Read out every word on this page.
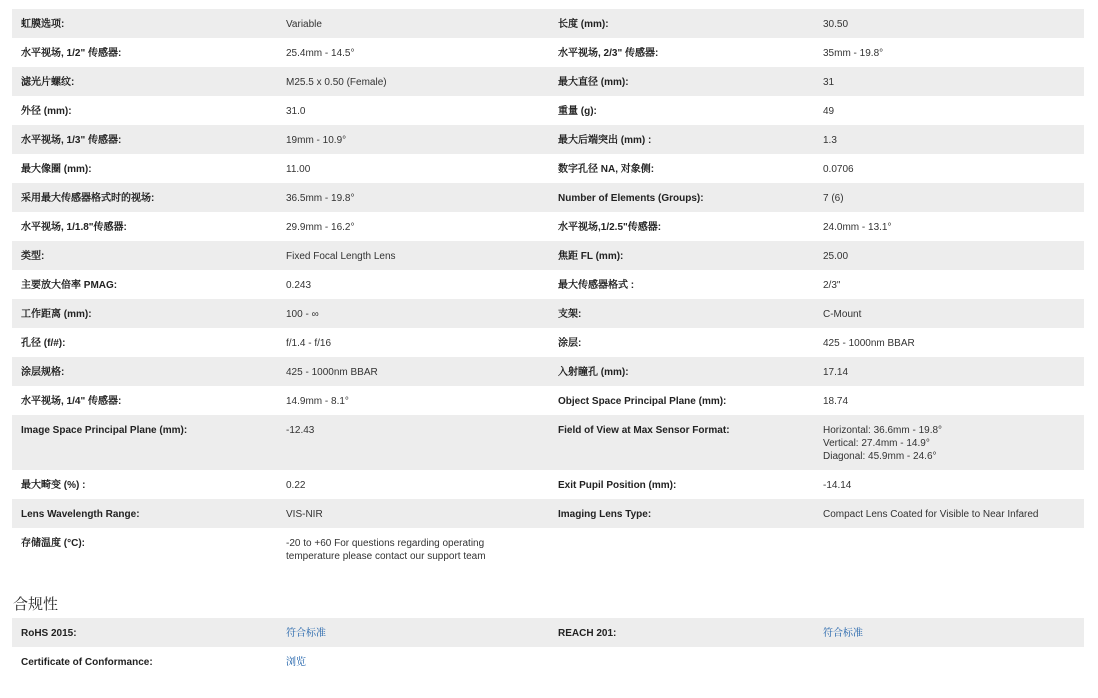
虹膜选项:	Variable	长度 (mm):	30.50
水平视场, 1/2" 传感器:	25.4mm - 14.5°	水平视场, 2/3" 传感器:	35mm - 19.8°
滤光片螺纹:	M25.5 x 0.50 (Female)	最大直径 (mm):	31
外径 (mm):	31.0	重量 (g):	49
水平视场, 1/3" 传感器:	19mm - 10.9°	最大后端突出 (mm) :	1.3
最大像圈 (mm):	11.00	数字孔径 NA, 对象侧:	0.0706
采用最大传感器格式时的视场:	36.5mm - 19.8°	Number of Elements (Groups):	7 (6)
水平视场, 1/1.8"传感器:	29.9mm - 16.2°	水平视场,1/2.5"传感器:	24.0mm - 13.1°
类型:	Fixed Focal Length Lens	焦距 FL (mm):	25.00
主要放大倍率 PMAG:	0.243	最大传感器格式 :	2/3"
工作距离 (mm):	100 - ∞	支架:	C-Mount
孔径 (f/#):	f/1.4 - f/16	涂层:	425 - 1000nm BBAR
涂层规格:	425 - 1000nm BBAR	入射瞳孔 (mm):	17.14
水平视场, 1/4" 传感器:	14.9mm - 8.1°	Object Space Principal Plane (mm):	18.74
Image Space Principal Plane (mm):	-12.43	Field of View at Max Sensor Format:	Horizontal: 36.6mm - 19.8°
Vertical: 27.4mm - 14.9°
Diagonal: 45.9mm - 24.6°

最大畸变 (%) :	0.22	Exit Pupil Position (mm):	-14.14
Lens Wavelength Range:	VIS-NIR	Imaging Lens Type:	Compact Lens Coated for Visible to Near Infared
存储温度 (°C):	-20 to +60 For questions regarding operating
temperature please contact our support team		

合规性
RoHS 2015:	符合标准	REACH 201:	符合标准
Certificate of Conformance:	浏览		
